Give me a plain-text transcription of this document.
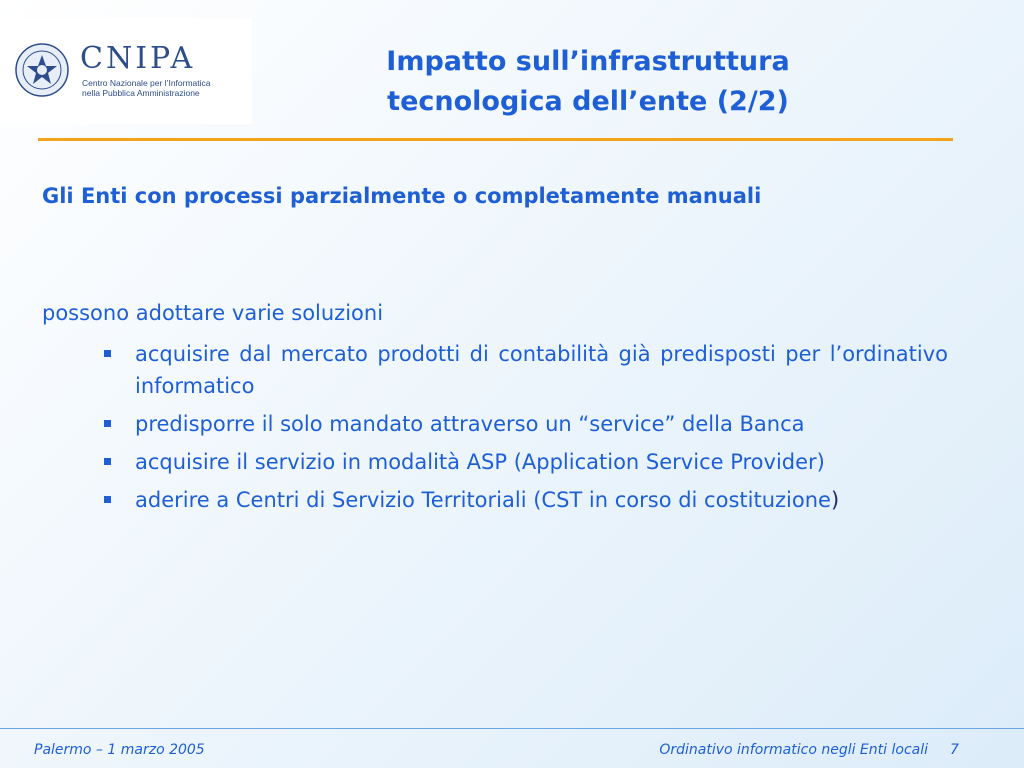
CNIPA
Centro Nazionale per l’Informatica
nella Pubblica Amministrazione
Impatto sull’infrastruttura
tecnologica dell’ente (2/2)
Gli Enti con processi parzialmente o completamente manuali
possono adottare varie soluzioni
acquisire dal mercato prodotti di contabilità già predisposti per l’ordinativo informatico
predisporre il solo mandato attraverso un “service” della Banca
acquisire il servizio in modalità ASP (Application Service Provider)
aderire a Centri di Servizio Territoriali (CST in corso di costituzione)
Palermo – 1 marzo 2005	Ordinativo informatico negli Enti locali 7
